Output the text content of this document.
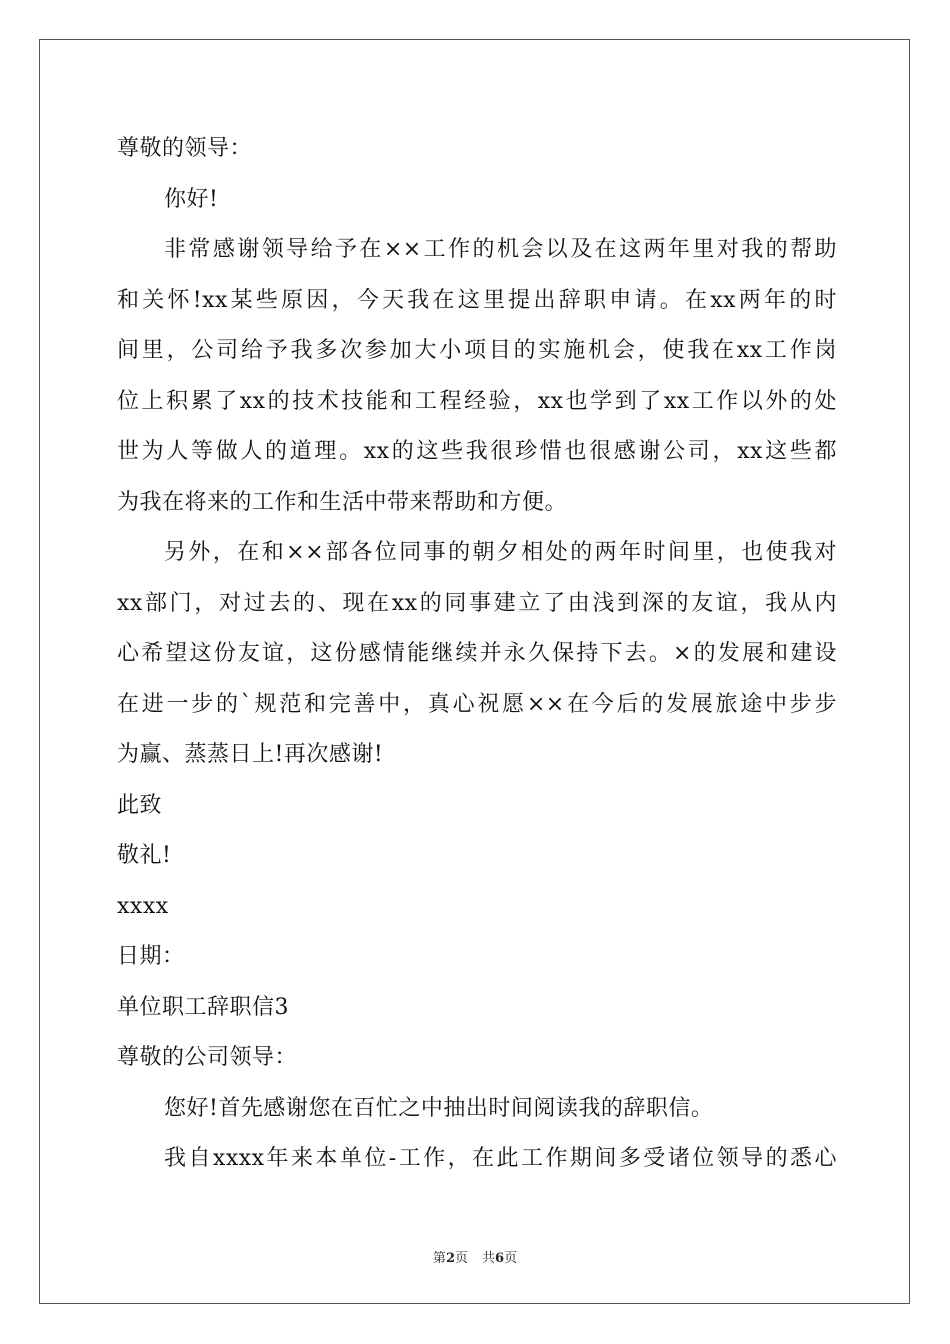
尊敬的领导：
你好!
非常感谢领导给予在××工作的机会以及在这两年里对我的帮助
和关怀!xx某些原因，今天我在这里提出辞职申请。在xx两年的时
间里，公司给予我多次参加大小项目的实施机会，使我在xx工作岗
位上积累了xx的技术技能和工程经验，xx也学到了xx工作以外的处
世为人等做人的道理。xx的这些我很珍惜也很感谢公司，xx这些都
为我在将来的工作和生活中带来帮助和方便。
另外，在和××部各位同事的朝夕相处的两年时间里，也使我对
xx部门，对过去的、现在xx的同事建立了由浅到深的友谊，我从内
心希望这份友谊，这份感情能继续并永久保持下去。×的发展和建设
在进一步的`规范和完善中，真心祝愿××在今后的发展旅途中步步
为赢、蒸蒸日上!再次感谢!
此致
敬礼!
xxxx
日期：
单位职工辞职信3
尊敬的公司领导：
您好!首先感谢您在百忙之中抽出时间阅读我的辞职信。
我自xxxx年来本单位-工作，在此工作期间多受诸位领导的悉心
第2页 共6页
